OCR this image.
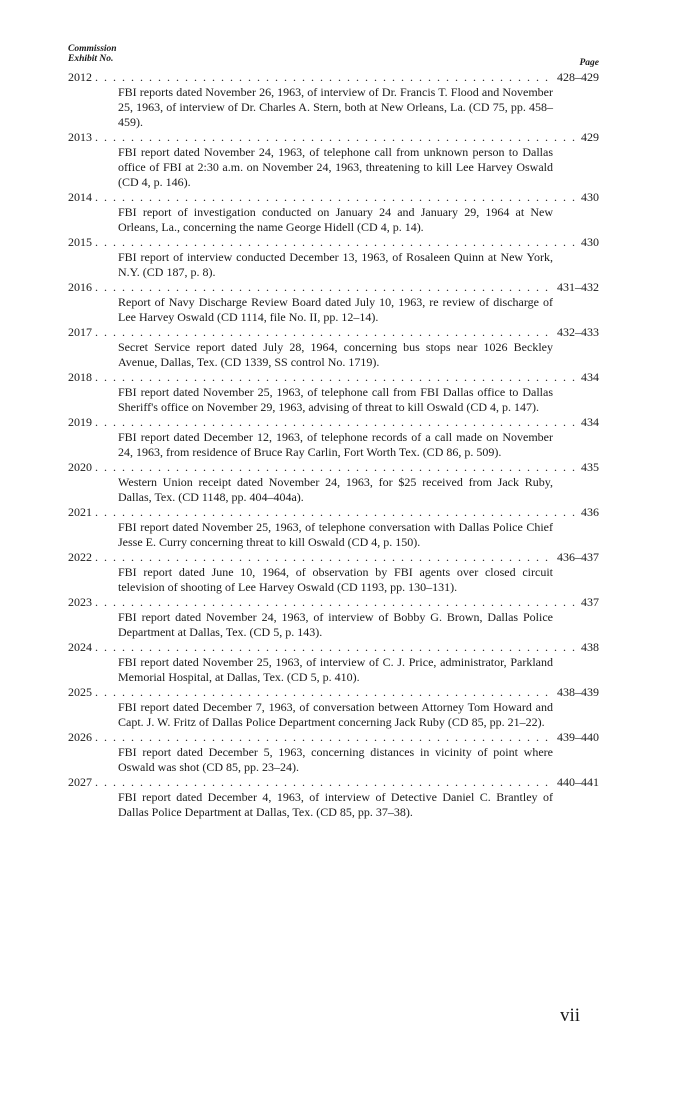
Commission
Exhibit No.	Page
2012 . . .	428–429
FBI reports dated November 26, 1963, of interview of Dr. Francis T. Flood and November 25, 1963, of interview of Dr. Charles A. Stern, both at New Orleans, La. (CD 75, pp. 458–459).
2013 . . .	429
FBI report dated November 24, 1963, of telephone call from unknown person to Dallas office of FBI at 2:30 a.m. on November 24, 1963, threatening to kill Lee Harvey Oswald (CD 4, p. 146).
2014 . . .	430
FBI report of investigation conducted on January 24 and January 29, 1964 at New Orleans, La., concerning the name George Hidell (CD 4, p. 14).
2015 . . .	430
FBI report of interview conducted December 13, 1963, of Rosaleen Quinn at New York, N.Y. (CD 187, p. 8).
2016 . . .	431–432
Report of Navy Discharge Review Board dated July 10, 1963, re review of discharge of Lee Harvey Oswald (CD 1114, file No. II, pp. 12–14).
2017 . . .	432–433
Secret Service report dated July 28, 1964, concerning bus stops near 1026 Beckley Avenue, Dallas, Tex. (CD 1339, SS control No. 1719).
2018 . . .	434
FBI report dated November 25, 1963, of telephone call from FBI Dallas office to Dallas Sheriff's office on November 29, 1963, advising of threat to kill Oswald (CD 4, p. 147).
2019 . . .	434
FBI report dated December 12, 1963, of telephone records of a call made on November 24, 1963, from residence of Bruce Ray Carlin, Fort Worth Tex. (CD 86, p. 509).
2020 . . .	435
Western Union receipt dated November 24, 1963, for $25 received from Jack Ruby, Dallas, Tex. (CD 1148, pp. 404–404a).
2021 . . .	436
FBI report dated November 25, 1963, of telephone conversation with Dallas Police Chief Jesse E. Curry concerning threat to kill Oswald (CD 4, p. 150).
2022 . . .	436–437
FBI report dated June 10, 1964, of observation by FBI agents over closed circuit television of shooting of Lee Harvey Oswald (CD 1193, pp. 130–131).
2023 . . .	437
FBI report dated November 24, 1963, of interview of Bobby G. Brown, Dallas Police Department at Dallas, Tex. (CD 5, p. 143).
2024 . . .	438
FBI report dated November 25, 1963, of interview of C. J. Price, administrator, Parkland Memorial Hospital, at Dallas, Tex. (CD 5, p. 410).
2025 . . .	438–439
FBI report dated December 7, 1963, of conversation between Attorney Tom Howard and Capt. J. W. Fritz of Dallas Police Department concerning Jack Ruby (CD 85, pp. 21–22).
2026 . . .	439–440
FBI report dated December 5, 1963, concerning distances in vicinity of point where Oswald was shot (CD 85, pp. 23–24).
2027 . . .	440–441
FBI report dated December 4, 1963, of interview of Detective Daniel C. Brantley of Dallas Police Department at Dallas, Tex. (CD 85, pp. 37–38).
vii
